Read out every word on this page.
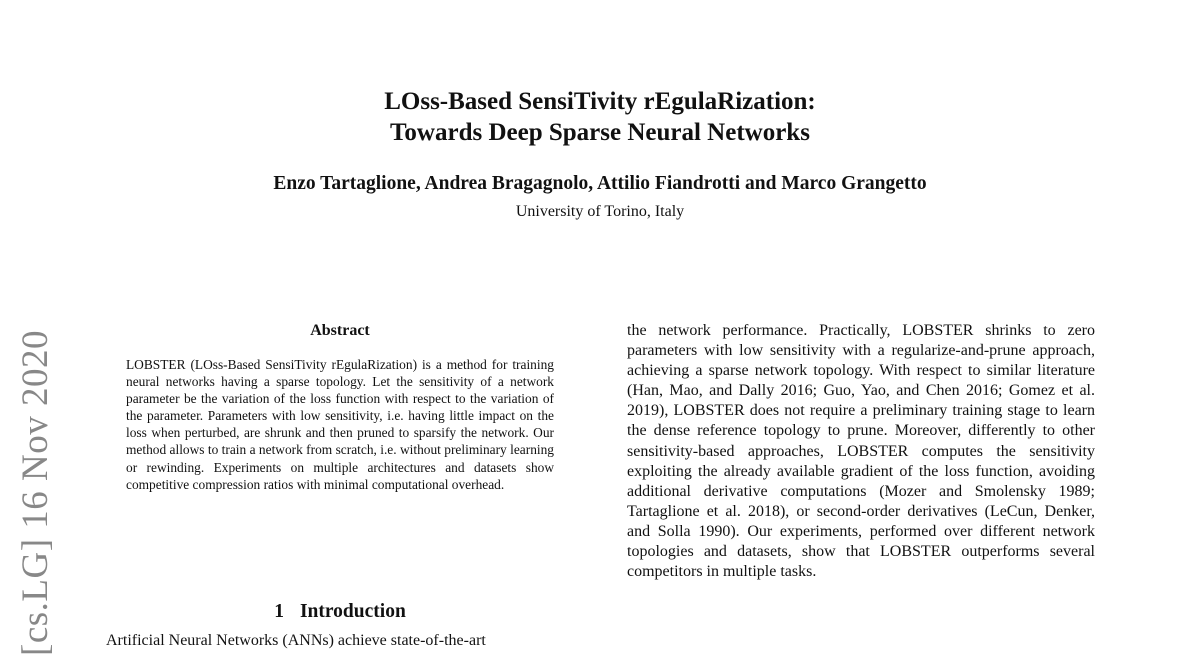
LOss-Based SensiTivity rEgulaRization:
Towards Deep Sparse Neural Networks

Enzo Tartaglione, Andrea Bragagnolo, Attilio Fiandrotti and Marco Grangetto

University of Torino, Italy

[cs.LG] 16 Nov 2020	Abstract

LOBSTER (LOss-Based SensiTivity rEgulaRization) is a method for training neural networks having a sparse topology. Let the sensitivity of a network parameter be the variation of the loss function with respect to the variation of the parameter. Parameters with low sensitivity, i.e. having little impact on the loss when perturbed, are shrunk and then pruned to sparsify the network. Our method allows to train a network from scratch, i.e. without preliminary learning or rewinding. Experiments on multiple architectures and datasets show competitive compression ratios with minimal computational overhead.

1 Introduction

Artificial Neural Networks (ANNs) achieve state-of-the-art

the network performance. Practically, LOBSTER shrinks to zero parameters with low sensitivity with a regularize-and-prune approach, achieving a sparse network topology. With respect to similar literature (Han, Mao, and Dally 2016; Guo, Yao, and Chen 2016; Gomez et al. 2019), LOBSTER does not require a preliminary training stage to learn the dense reference topology to prune. Moreover, differently to other sensitivity-based approaches, LOBSTER computes the sensitivity exploiting the already available gradient of the loss function, avoiding additional derivative computations (Mozer and Smolensky 1989; Tartaglione et al. 2018), or second-order derivatives (LeCun, Denker, and Solla 1990). Our experiments, performed over different network topologies and datasets, show that LOBSTER outperforms several competitors in multiple tasks.
